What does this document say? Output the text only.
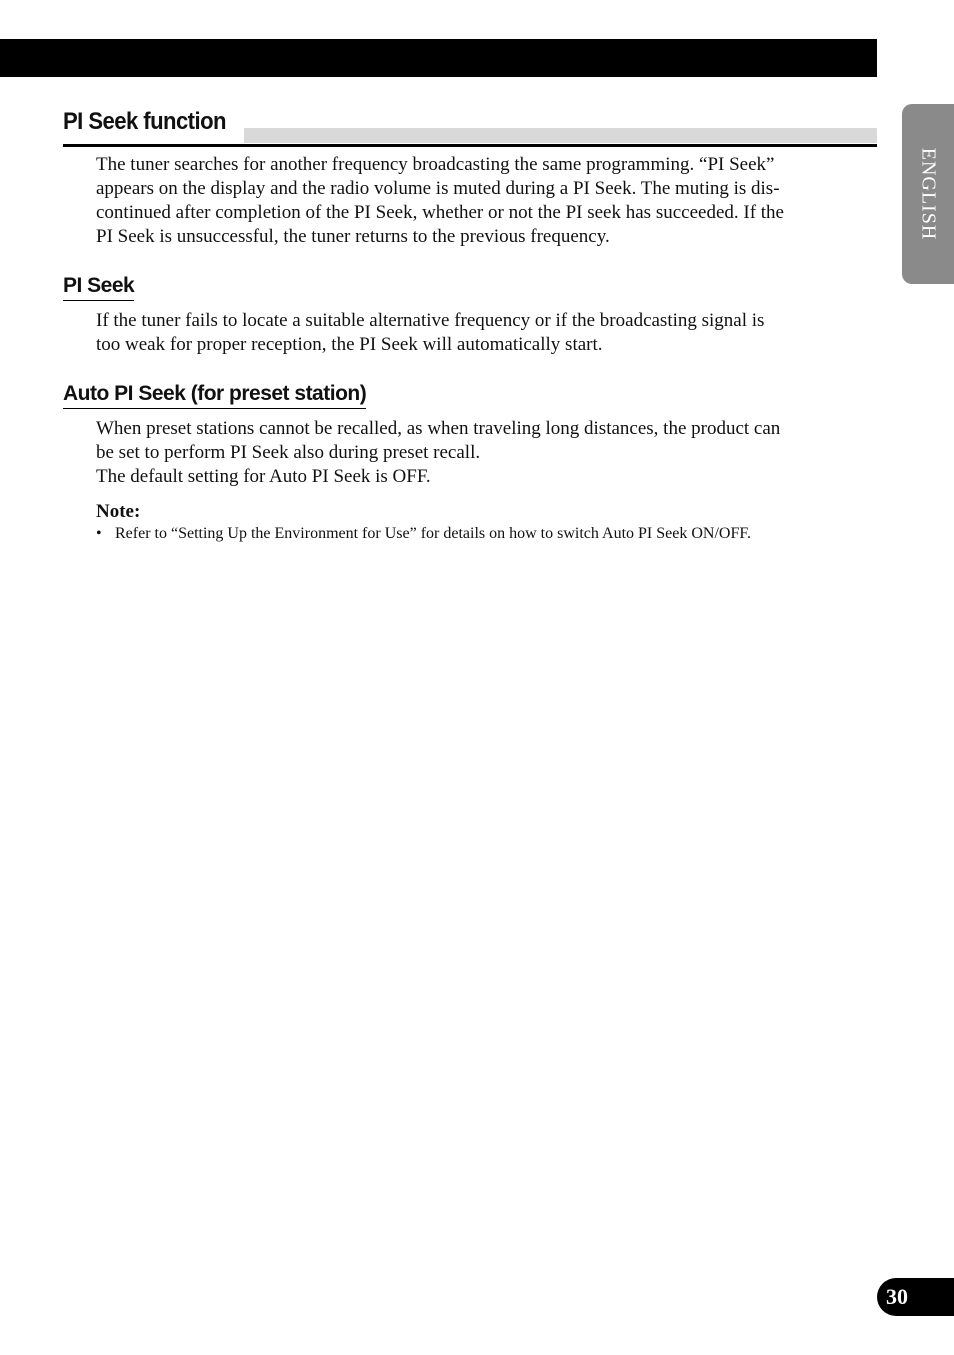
ENGLISH
PI Seek function

The tuner searches for another frequency broadcasting the same programming. “PI Seek”
appears on the display and the radio volume is muted during a PI Seek. The muting is dis-
continued after completion of the PI Seek, whether or not the PI seek has succeeded. If the
PI Seek is unsuccessful, the tuner returns to the previous frequency.

PI Seek

If the tuner fails to locate a suitable alternative frequency or if the broadcasting signal is
too weak for proper reception, the PI Seek will automatically start.

Auto PI Seek (for preset station)

When preset stations cannot be recalled, as when traveling long distances, the product can
be set to perform PI Seek also during preset recall.
The default setting for Auto PI Seek is OFF.

Note:

• Refer to “Setting Up the Environment for Use” for details on how to switch Auto PI Seek ON/OFF.
30
